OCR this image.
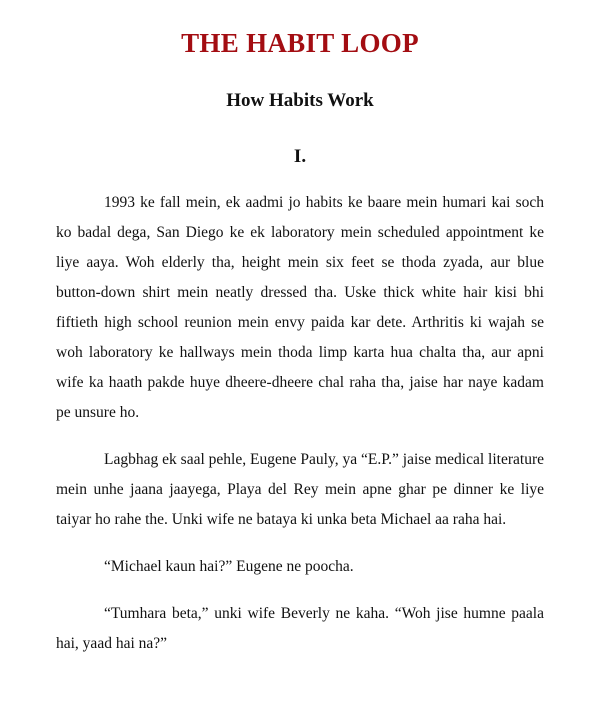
THE HABIT LOOP
How Habits Work
I.

1993 ke fall mein, ek aadmi jo habits ke baare mein humari kai soch ko badal dega, San Diego ke ek laboratory mein scheduled appointment ke liye aaya. Woh elderly tha, height mein six feet se thoda zyada, aur blue button-down shirt mein neatly dressed tha. Uske thick white hair kisi bhi fiftieth high school reunion mein envy paida kar dete. Arthritis ki wajah se woh laboratory ke hallways mein thoda limp karta hua chalta tha, aur apni wife ka haath pakde huye dheere-dheere chal raha tha, jaise har naye kadam pe unsure ho.

Lagbhag ek saal pehle, Eugene Pauly, ya “E.P.” jaise medical literature mein unhe jaana jaayega, Playa del Rey mein apne ghar pe dinner ke liye taiyar ho rahe the. Unki wife ne bataya ki unka beta Michael aa raha hai.

“Michael kaun hai?” Eugene ne poocha.

“Tumhara beta,” unki wife Beverly ne kaha. “Woh jise humne paala hai, yaad hai na?”
